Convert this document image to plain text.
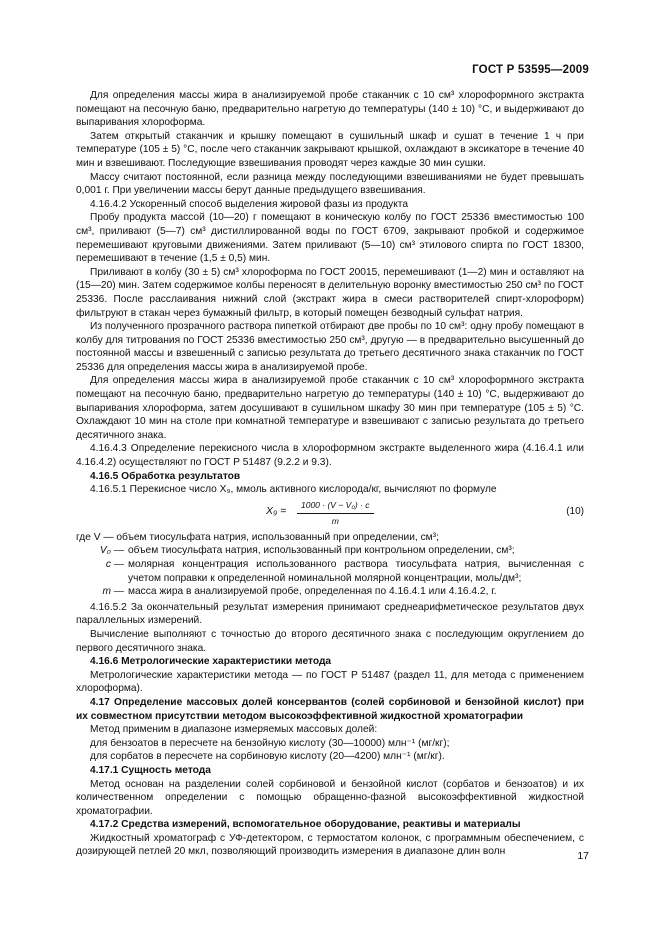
ГОСТ Р 53595—2009

Для определения массы жира в анализируемой пробе стаканчик с 10 см³ хлороформного экстракта помещают на песочную баню, предварительно нагретую до температуры (140 ± 10) °С, и выдерживают до выпаривания хлороформа.

Затем открытый стаканчик и крышку помещают в сушильный шкаф и сушат в течение 1 ч при температуре (105 ± 5) °С, после чего стаканчик закрывают крышкой, охлаждают в эксикаторе в течение 40 мин и взвешивают. Последующие взвешивания проводят через каждые 30 мин сушки.

Массу считают постоянной, если разница между последующими взвешиваниями не будет превышать 0,001 г. При увеличении массы берут данные предыдущего взвешивания.

4.16.4.2 Ускоренный способ выделения жировой фазы из продукта

Пробу продукта массой (10—20) г помещают в коническую колбу по ГОСТ 25336 вместимостью 100 см³, приливают (5—7) см³ дистиллированной воды по ГОСТ 6709, закрывают пробкой и содержимое перемешивают круговыми движениями. Затем приливают (5—10) см³ этилового спирта по ГОСТ 18300, перемешивают в течение (1,5 ± 0,5) мин.

Приливают в колбу (30 ± 5) см³ хлороформа по ГОСТ 20015, перемешивают (1—2) мин и оставляют на (15—20) мин. Затем содержимое колбы переносят в делительную воронку вместимостью 250 см³ по ГОСТ 25336. После расслаивания нижний слой (экстракт жира в смеси растворителей спирт-хлороформ) фильтруют в стакан через бумажный фильтр, в который помещен безводный сульфат натрия.

Из полученного прозрачного раствора пипеткой отбирают две пробы по 10 см³: одну пробу помещают в колбу для титрования по ГОСТ 25336 вместимостью 250 см³, другую — в предварительно высушенный до постоянной массы и взвешенный с записью результата до третьего десятичного знака стаканчик по ГОСТ 25336 для определения массы жира в анализируемой пробе.

Для определения массы жира в анализируемой пробе стаканчик с 10 см³ хлороформного экстракта помещают на песочную баню, предварительно нагретую до температуры (140 ± 10) °С, выдерживают до выпаривания хлороформа, затем досушивают в сушильном шкафу 30 мин при температуре (105 ± 5) °С. Охлаждают 10 мин на столе при комнатной температуре и взвешивают с записью результата до третьего десятичного знака.

4.16.4.3 Определение перекисного числа в хлороформном экстракте выделенного жира (4.16.4.1 или 4.16.4.2) осуществляют по ГОСТ Р 51487 (9.2.2 и 9.3).

4.16.5 Обработка результатов

4.16.5.1 Перекисное число X₉, ммоль активного кислорода/кг, вычисляют по формуле

$X_9 = \frac{\text{1000 · (V − V₀) · c}}{m}$	(10)
где V —
объем тиосульфата натрия, использованный при определении, см³;
V₀ — объем тиосульфата натрия, использованный при контрольном определении, см³;
c — молярная концентрация использованного раствора тиосульфата натрия, вычисленная с учетом поправки к определенной номинальной молярной концентрации, моль/дм³;
m — масса жира в анализируемой пробе, определенная по 4.16.4.1 или 4.16.4.2, г.

4.16.5.2 За окончательный результат измерения принимают среднеарифметическое результатов двух параллельных измерений.

Вычисление выполняют с точностью до второго десятичного знака с последующим округлением до первого десятичного знака.

4.16.6 Метрологические характеристики метода

Метрологические характеристики метода — по ГОСТ Р 51487 (раздел 11, для метода с применением хлороформа).

4.17 Определение массовых долей консервантов (солей сорбиновой и бензойной кислот) при их совместном присутствии методом высокоэффективной жидкостной хроматографии

Метод применим в диапазоне измеряемых массовых долей:

для бензоатов в пересчете на бензойную кислоту (30—10000) млн⁻¹ (мг/кг);

для сорбатов в пересчете на сорбиновую кислоту (20—4200) млн⁻¹ (мг/кг).

4.17.1 Сущность метода

Метод основан на разделении солей сорбиновой и бензойной кислот (сорбатов и бензоатов) и их количественном определении с помощью обращенно-фазной высокоэффективной жидкостной хроматографии.

4.17.2 Средства измерений, вспомогательное оборудование, реактивы и материалы

Жидкостный хроматограф с УФ-детектором, с термостатом колонок, с программным обеспечением, с дозирующей петлей 20 мкл, позволяющий производить измерения в диапазоне длин волн	17
